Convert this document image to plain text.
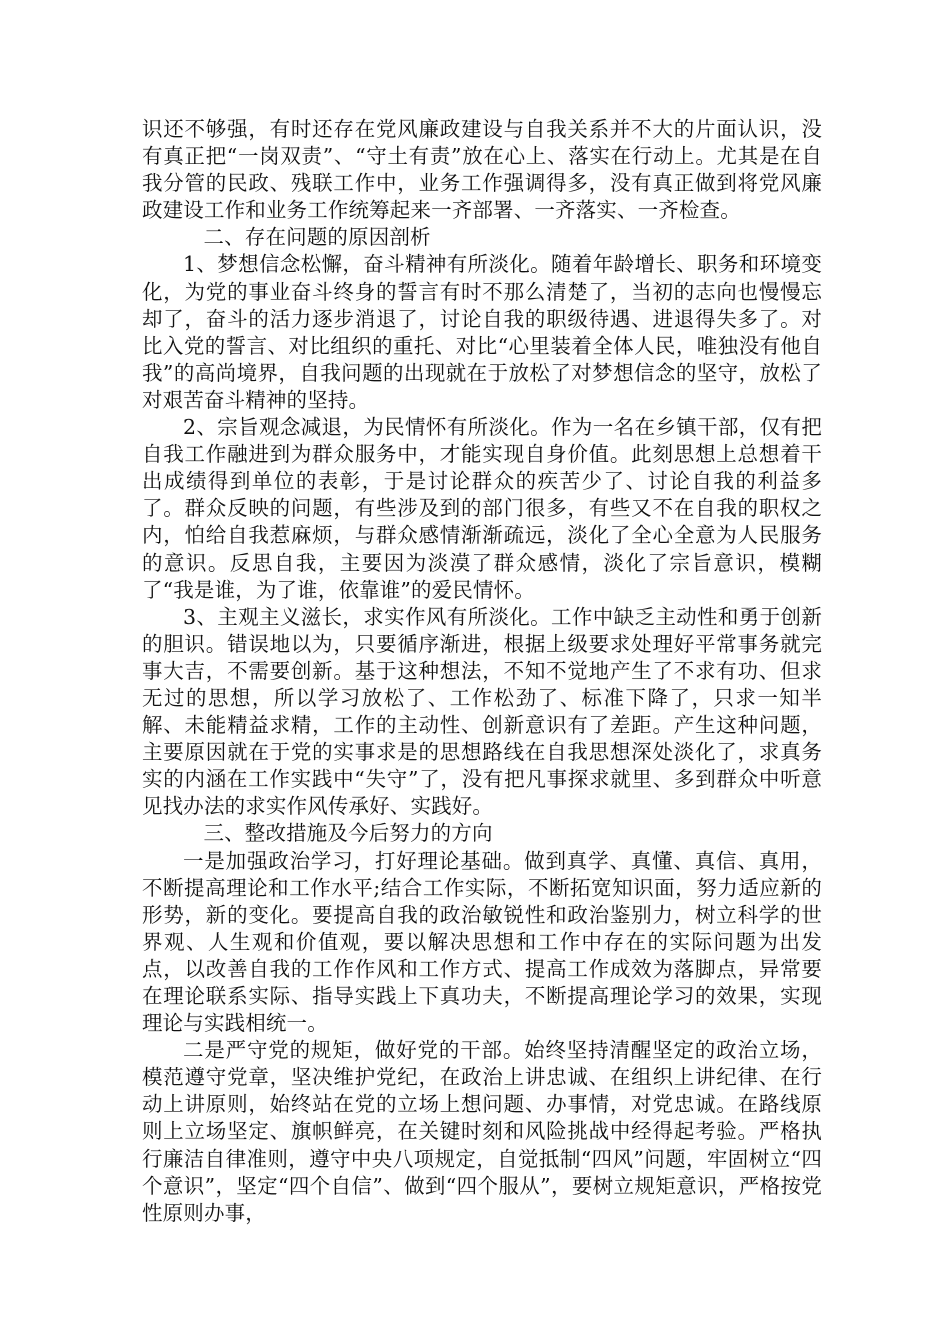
识还不够强，有时还存在党风廉政建设与自我关系并不大的片面认识，没有真正把“一岗双责”、“守土有责”放在心上、落实在行动上。尤其是在自我分管的民政、残联工作中，业务工作强调得多，没有真正做到将党风廉政建设工作和业务工作统筹起来一齐部署、一齐落实、一齐检查。

二、存在问题的原因剖析

1、梦想信念松懈，奋斗精神有所淡化。随着年龄增长、职务和环境变化，为党的事业奋斗终身的誓言有时不那么清楚了，当初的志向也慢慢忘却了，奋斗的活力逐步消退了，讨论自我的职级待遇、进退得失多了。对比入党的誓言、对比组织的重托、对比“心里装着全体人民，唯独没有他自我”的高尚境界，自我问题的出现就在于放松了对梦想信念的坚守，放松了对艰苦奋斗精神的坚持。

2、宗旨观念减退，为民情怀有所淡化。作为一名在乡镇干部，仅有把自我工作融进到为群众服务中，才能实现自身价值。此刻思想上总想着干出成绩得到单位的表彰，于是讨论群众的疾苦少了、讨论自我的利益多了。群众反映的问题，有些涉及到的部门很多，有些又不在自我的职权之内，怕给自我惹麻烦，与群众感情渐渐疏远，淡化了全心全意为人民服务的意识。反思自我，主要因为淡漠了群众感情，淡化了宗旨意识，模糊了“我是谁，为了谁，依靠谁”的爱民情怀。

3、主观主义滋长，求实作风有所淡化。工作中缺乏主动性和勇于创新的胆识。错误地以为，只要循序渐进，根据上级要求处理好平常事务就完事大吉，不需要创新。基于这种想法，不知不觉地产生了不求有功、但求无过的思想，所以学习放松了、工作松劲了、标准下降了，只求一知半解、未能精益求精，工作的主动性、创新意识有了差距。产生这种问题，主要原因就在于党的实事求是的思想路线在自我思想深处淡化了，求真务实的内涵在工作实践中“失守”了，没有把凡事探求就里、多到群众中听意见找办法的求实作风传承好、实践好。

三、整改措施及今后努力的方向

一是加强政治学习，打好理论基础。做到真学、真懂、真信、真用，不断提高理论和工作水平;结合工作实际，不断拓宽知识面，努力适应新的形势，新的变化。要提高自我的政治敏锐性和政治鉴别力，树立科学的世界观、人生观和价值观，要以解决思想和工作中存在的实际问题为出发点，以改善自我的工作作风和工作方式、提高工作成效为落脚点，异常要在理论联系实际、指导实践上下真功夫，不断提高理论学习的效果，实现理论与实践相统一。

二是严守党的规矩，做好党的干部。始终坚持清醒坚定的政治立场，模范遵守党章，坚决维护党纪，在政治上讲忠诚、在组织上讲纪律、在行动上讲原则，始终站在党的立场上想问题、办事情，对党忠诚。在路线原则上立场坚定、旗帜鲜亮，在关键时刻和风险挑战中经得起考验。严格执行廉洁自律准则，遵守中央八项规定，自觉抵制“四风”问题，牢固树立“四个意识”，坚定“四个自信”、做到“四个服从”，要树立规矩意识，严格按党性原则办事，
